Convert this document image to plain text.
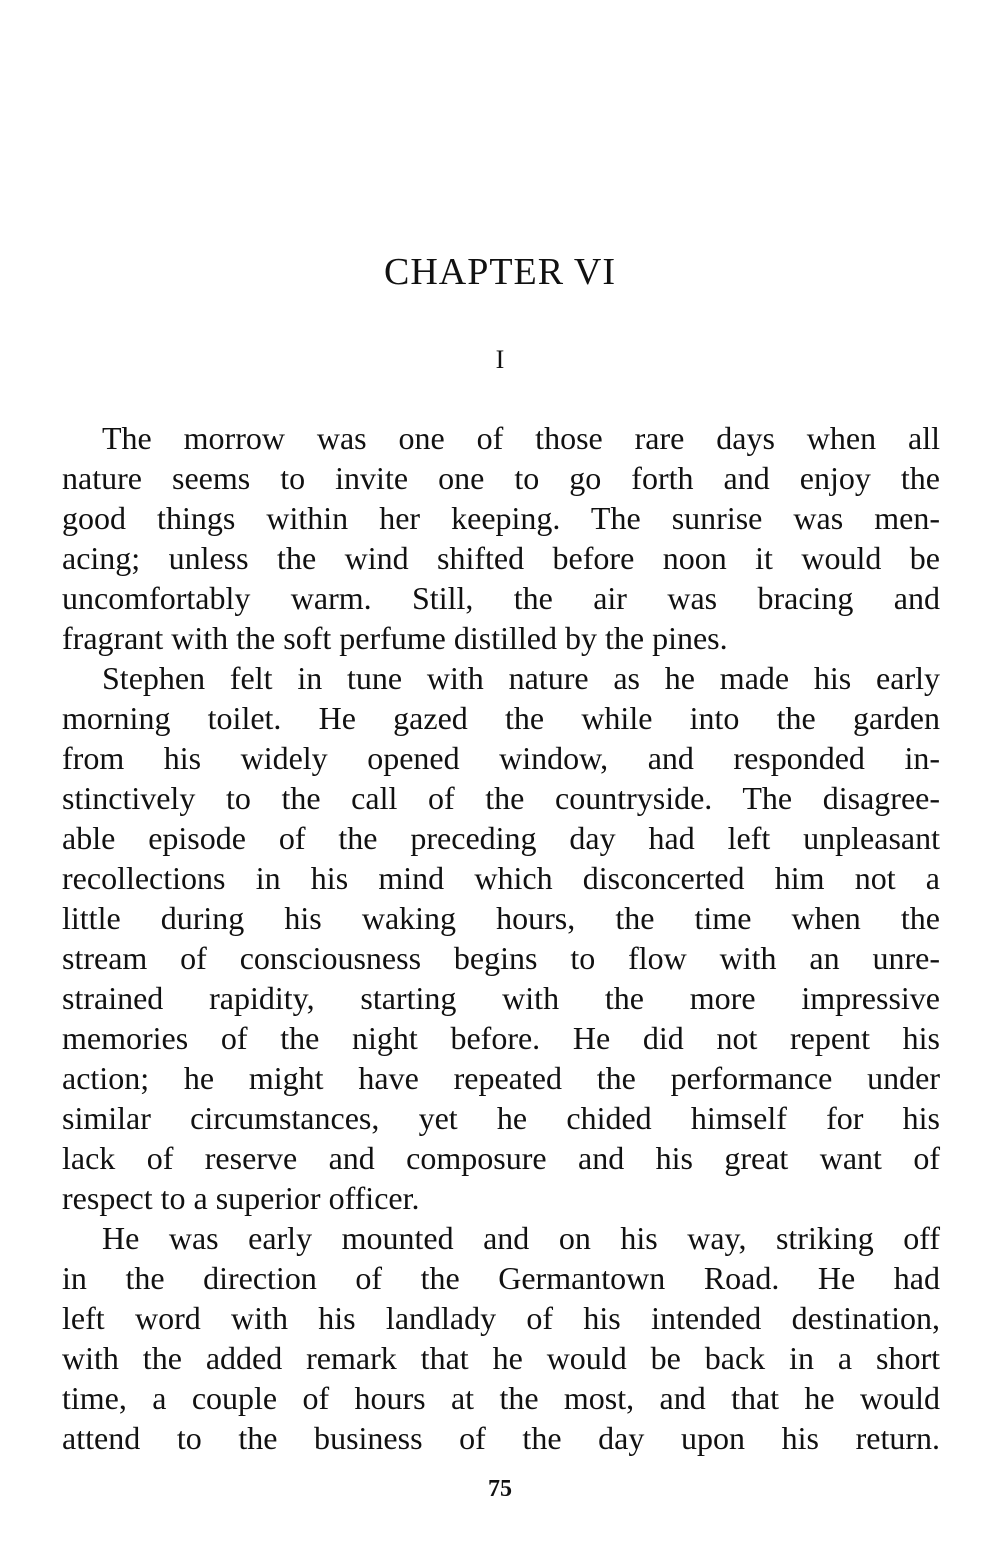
CHAPTER VI
I

The morrow was one of those rare days when all

nature seems to invite one to go forth and enjoy the

good things within her keeping. The sunrise was men-

acing; unless the wind shifted before noon it would be

uncomfortably warm. Still, the air was bracing and

fragrant with the soft perfume distilled by the pines.

Stephen felt in tune with nature as he made his early

morning toilet. He gazed the while into the garden

from his widely opened window, and responded in-

stinctively to the call of the countryside. The disagree-

able episode of the preceding day had left unpleasant

recollections in his mind which disconcerted him not a

little during his waking hours, the time when the

stream of consciousness begins to flow with an unre-

strained rapidity, starting with the more impressive

memories of the night before. He did not repent his

action; he might have repeated the performance under

similar circumstances, yet he chided himself for his

lack of reserve and composure and his great want of

respect to a superior officer.

He was early mounted and on his way, striking off

in the direction of the Germantown Road. He had

left word with his landlady of his intended destination,

with the added remark that he would be back in a short

time, a couple of hours at the most, and that he would

attend to the business of the day upon his return.

75
